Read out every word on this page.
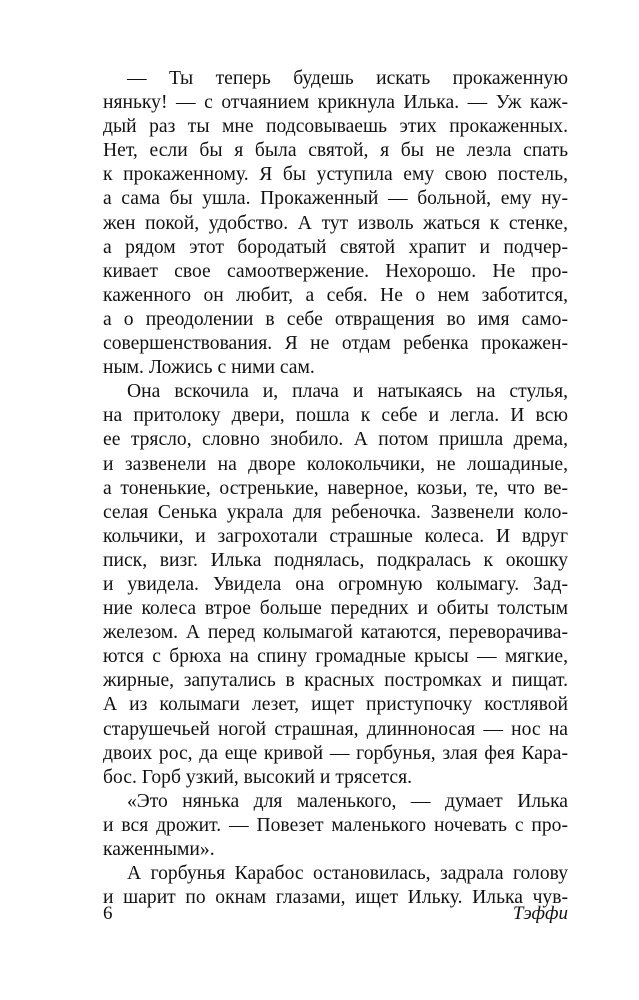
— Ты теперь будешь искать прокаженную
няньку! — с отчаянием крикнула Илька. — Уж каж-
дый раз ты мне подсовываешь этих прокаженных.
Нет, если бы я была святой, я бы не лезла спать
к прокаженному. Я бы уступила ему свою постель,
а сама бы ушла. Прокаженный — больной, ему ну-
жен покой, удобство. А тут изволь жаться к стенке,
а рядом этот бородатый святой храпит и подчер-
кивает свое самоотвержение. Нехорошо. Не про-
каженного он любит, а себя. Не о нем заботится,
а о преодолении в себе отвращения во имя само-
совершенствования. Я не отдам ребенка прокажен-
ным. Ложись с ними сам.
Она вскочила и, плача и натыкаясь на стулья,
на притолоку двери, пошла к себе и легла. И всю
ее трясло, словно знобило. А потом пришла дрема,
и зазвенели на дворе колокольчики, не лошадиные,
а тоненькие, остренькие, наверное, козьи, те, что ве-
селая Сенька украла для ребеночка. Зазвенели коло-
кольчики, и загрохотали страшные колеса. И вдруг
писк, визг. Илька поднялась, подкралась к окошку
и увидела. Увидела она огромную колымагу. Зад-
ние колеса втрое больше передних и обиты толстым
железом. А перед колымагой катаются, переворачива-
ются с брюха на спину громадные крысы — мягкие,
жирные, запутались в красных постромках и пищат.
А из колымаги лезет, ищет приступочку костлявой
старушечьей ногой страшная, длинноносая — нос на
двоих рос, да еще кривой — горбунья, злая фея Кара-
бос. Горб узкий, высокий и трясется.
«Это нянька для маленького, — думает Илька
и вся дрожит. — Повезет маленького ночевать с про-
каженными».
А горбунья Карабос остановилась, задрала голову
и шарит по окнам глазами, ищет Ильку. Илька чув-
6	Тэффи
